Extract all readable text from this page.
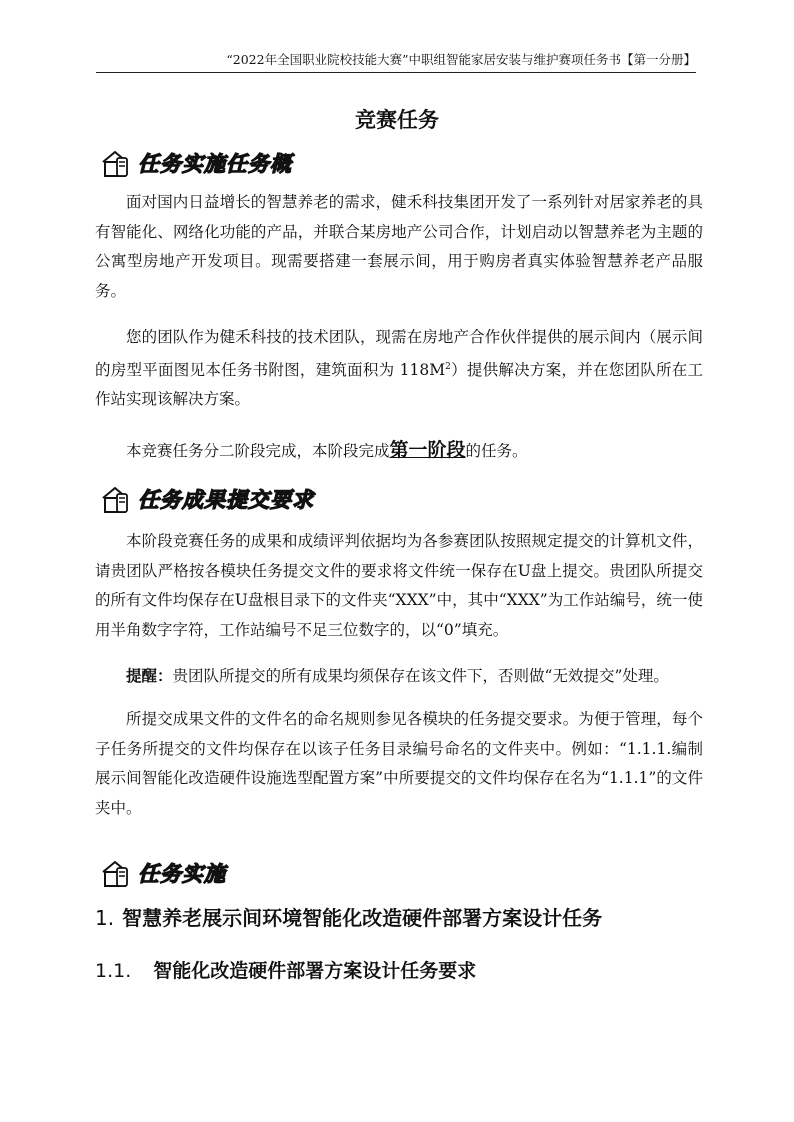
“2022年全国职业院校技能大赛”中职组智能家居安装与维护赛项任务书【第一分册】
竞赛任务
任务实施任务概

面对国内日益增长的智慧养老的需求，健禾科技集团开发了一系列针对居家养老的具有智能化、网络化功能的产品，并联合某房地产公司合作，计划启动以智慧养老为主题的公寓型房地产开发项目。现需要搭建一套展示间，用于购房者真实体验智慧养老产品服务。

您的团队作为健禾科技的技术团队，现需在房地产合作伙伴提供的展示间内（展示间的房型平面图见本任务书附图，建筑面积为 $118M^2$）提供解决方案，并在您团队所在工作站实现该解决方案。

本竞赛任务分二阶段完成，本阶段完成第一阶段的任务。

任务成果提交要求

本阶段竞赛任务的成果和成绩评判依据均为各参赛团队按照规定提交的计算机文件，请贵团队严格按各模块任务提交文件的要求将文件统一保存在U盘上提交。贵团队所提交的所有文件均保存在U盘根目录下的文件夹“XXX”中，其中“XXX”为工作站编号，统一使用半角数字字符，工作站编号不足三位数字的，以“0”填充。

提醒：贵团队所提交的所有成果均须保存在该文件下，否则做“无效提交”处理。

所提交成果文件的文件名的命名规则参见各模块的任务提交要求。为便于管理，每个子任务所提交的文件均保存在以该子任务目录编号命名的文件夹中。例如：“1.1.1.编制展示间智能化改造硬件设施选型配置方案”中所要提交的文件均保存在名为“1.1.1”的文件夹中。

任务实施
1. 智慧养老展示间环境智能化改造硬件部署方案设计任务
1.1. 智能化改造硬件部署方案设计任务要求
